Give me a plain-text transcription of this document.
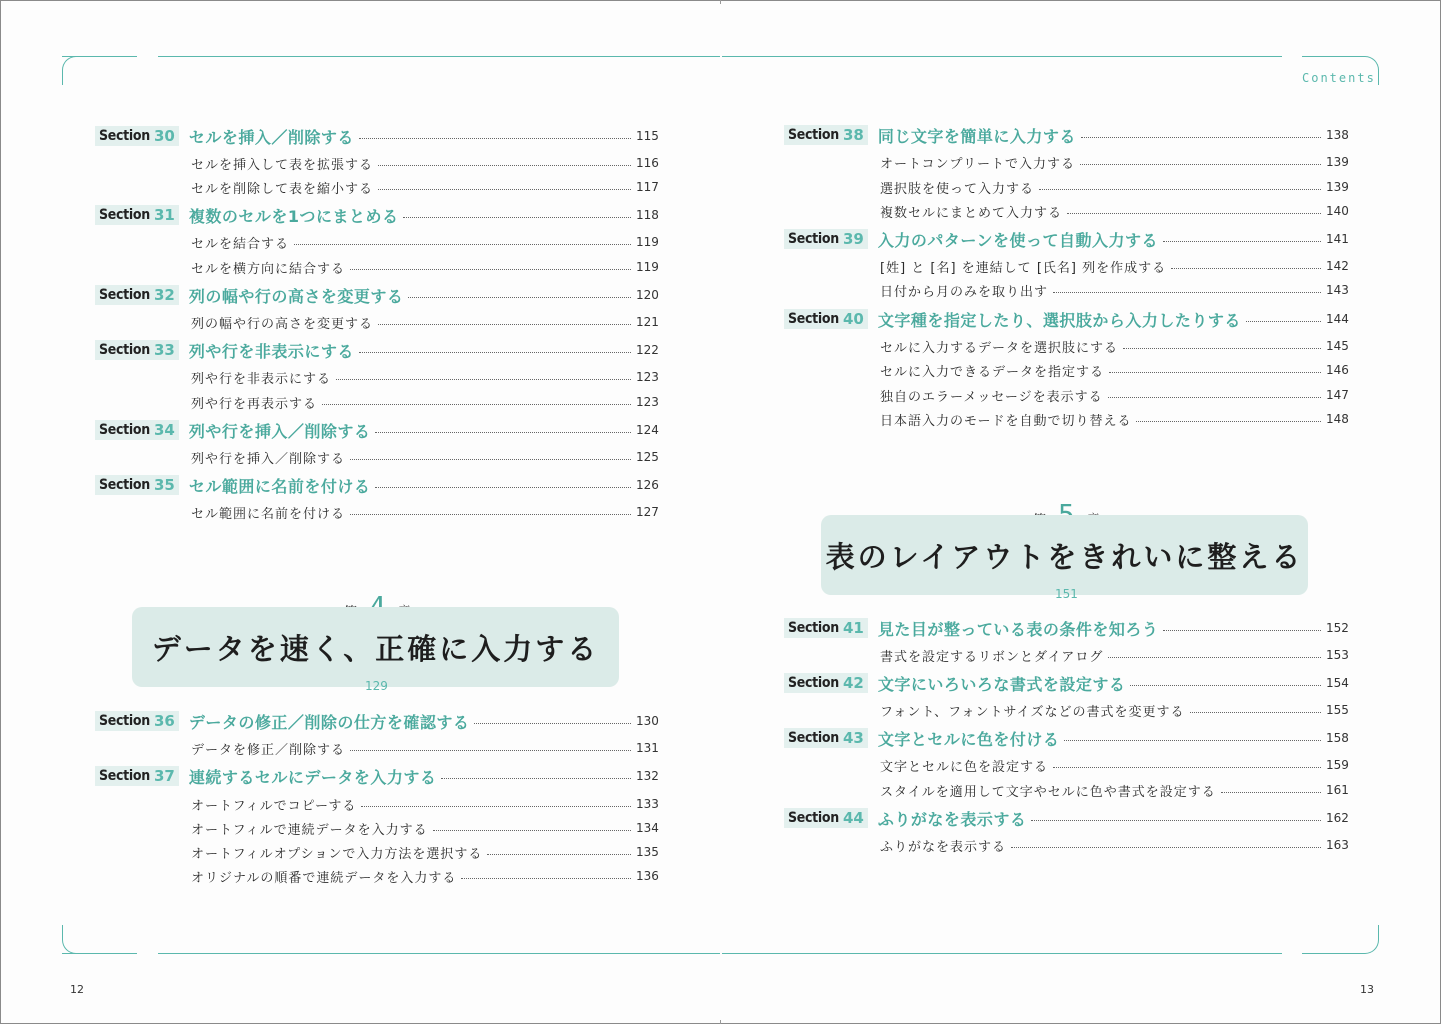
Contents
12	13
データを速く、正確に入力する
129
表のレイアウトをきれいに整える
151
Section 30 セルを挿入／削除する	115
セルを挿入して表を拡張する	116
セルを削除して表を縮小する	117
Section 31 複数のセルを1つにまとめる	118
セルを結合する	119
セルを横方向に結合する	119
Section 32 列の幅や行の高さを変更する	120
列の幅や行の高さを変更する	121
Section 33 列や行を非表示にする	122
列や行を非表示にする	123
列や行を再表示する	123
Section 34 列や行を挿入／削除する	124
列や行を挿入／削除する	125
Section 35 セル範囲に名前を付ける	126
セル範囲に名前を付ける	127
Section 36 データの修正／削除の仕方を確認する	130
データを修正／削除する	131
Section 37 連続するセルにデータを入力する	132
オートフィルでコピーする	133
オートフィルで連続データを入力する	134
オートフィルオプションで入力方法を選択する	135
オリジナルの順番で連続データを入力する	136
Section 38 同じ文字を簡単に入力する	138
オートコンプリートで入力する	139
選択肢を使って入力する	139
複数セルにまとめて入力する	140
Section 39 入力のパターンを使って自動入力する	141
[姓] と [名] を連結して [氏名] 列を作成する	142
日付から月のみを取り出す	143
Section 40 文字種を指定したり、選択肢から入力したりする	144
セルに入力するデータを選択肢にする	145
セルに入力できるデータを指定する	146
独自のエラーメッセージを表示する	147
日本語入力のモードを自動で切り替える	148
Section 41 見た目が整っている表の条件を知ろう	152
書式を設定するリボンとダイアログ	153
Section 42 文字にいろいろな書式を設定する	154
フォント、フォントサイズなどの書式を変更する	155
Section 43 文字とセルに色を付ける	158
文字とセルに色を設定する	159
スタイルを適用して文字やセルに色や書式を設定する	161
Section 44 ふりがなを表示する	162
ふりがなを表示する	163
